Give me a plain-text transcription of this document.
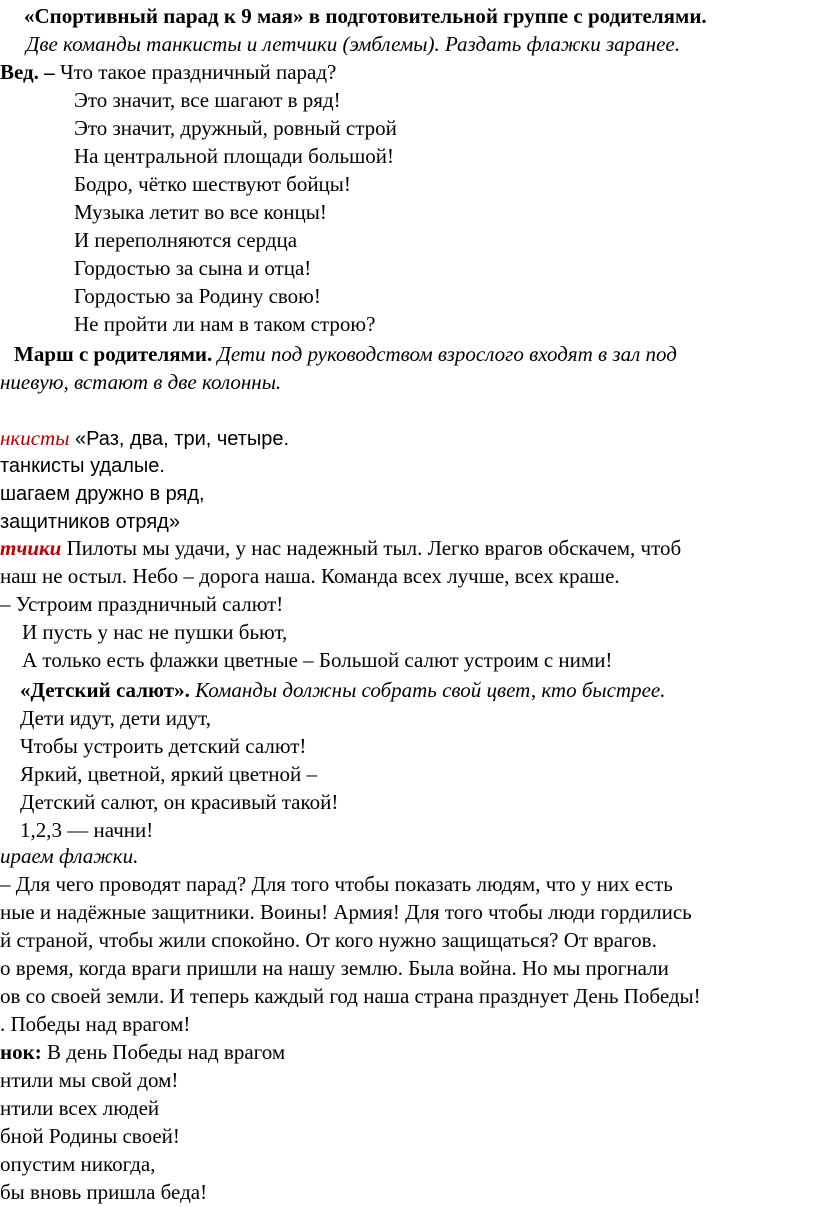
«Спортивный парад к 9 мая» в подготовительной группе с родителями.
Две команды танкисты и летчики (эмблемы). Раздать флажки заранее.
Вед. – Что такое праздничный парад?
Это значит, все шагают в ряд!
Это значит, дружный, ровный строй
На центральной площади большой!
Бодро, чётко шествуют бойцы!
Музыка летит во все концы!
И переполняются сердца
Гордостью за сына и отца!
Гордостью за Родину свою!
Не пройти ли нам в таком строю?
Марш с родителями. Дети под руководством взрослого входят в зал под
ниевую, встают в две колонны.
нкисты «Раз, два, три, четыре.
танкисты удалые.
шагаем дружно в ряд,
защитников отряд»
тчики Пилоты мы удачи, у нас надежный тыл. Легко врагов обскачем, чтоб
наш не остыл. Небо – дорога наша. Команда всех лучше, всех краше.
– Устроим праздничный салют!
И пусть у нас не пушки бьют,
А только есть флажки цветные – Большой салют устроим с ними!
«Детский салют». Команды должны собрать свой цвет, кто быстрее.
Дети идут, дети идут,
Чтобы устроить детский салют!
Яркий, цветной, яркий цветной –
Детский салют, он красивый такой!
1,2,3 — начни!
ираем флажки.
– Для чего проводят парад? Для того чтобы показать людям, что у них есть
ные и надёжные защитники. Воины! Армия! Для того чтобы люди гордились
й страной, чтобы жили спокойно. От кого нужно защищаться? От врагов.
о время, когда враги пришли на нашу землю. Была война. Но мы прогнали
ов со своей земли. И теперь каждый год наша страна празднует День Победы!
. Победы над врагом!
нок: В день Победы над врагом
нтили мы свой дом!
нтили всех людей
бной Родины своей!
опустим никогда,
бы вновь пришла беда!
